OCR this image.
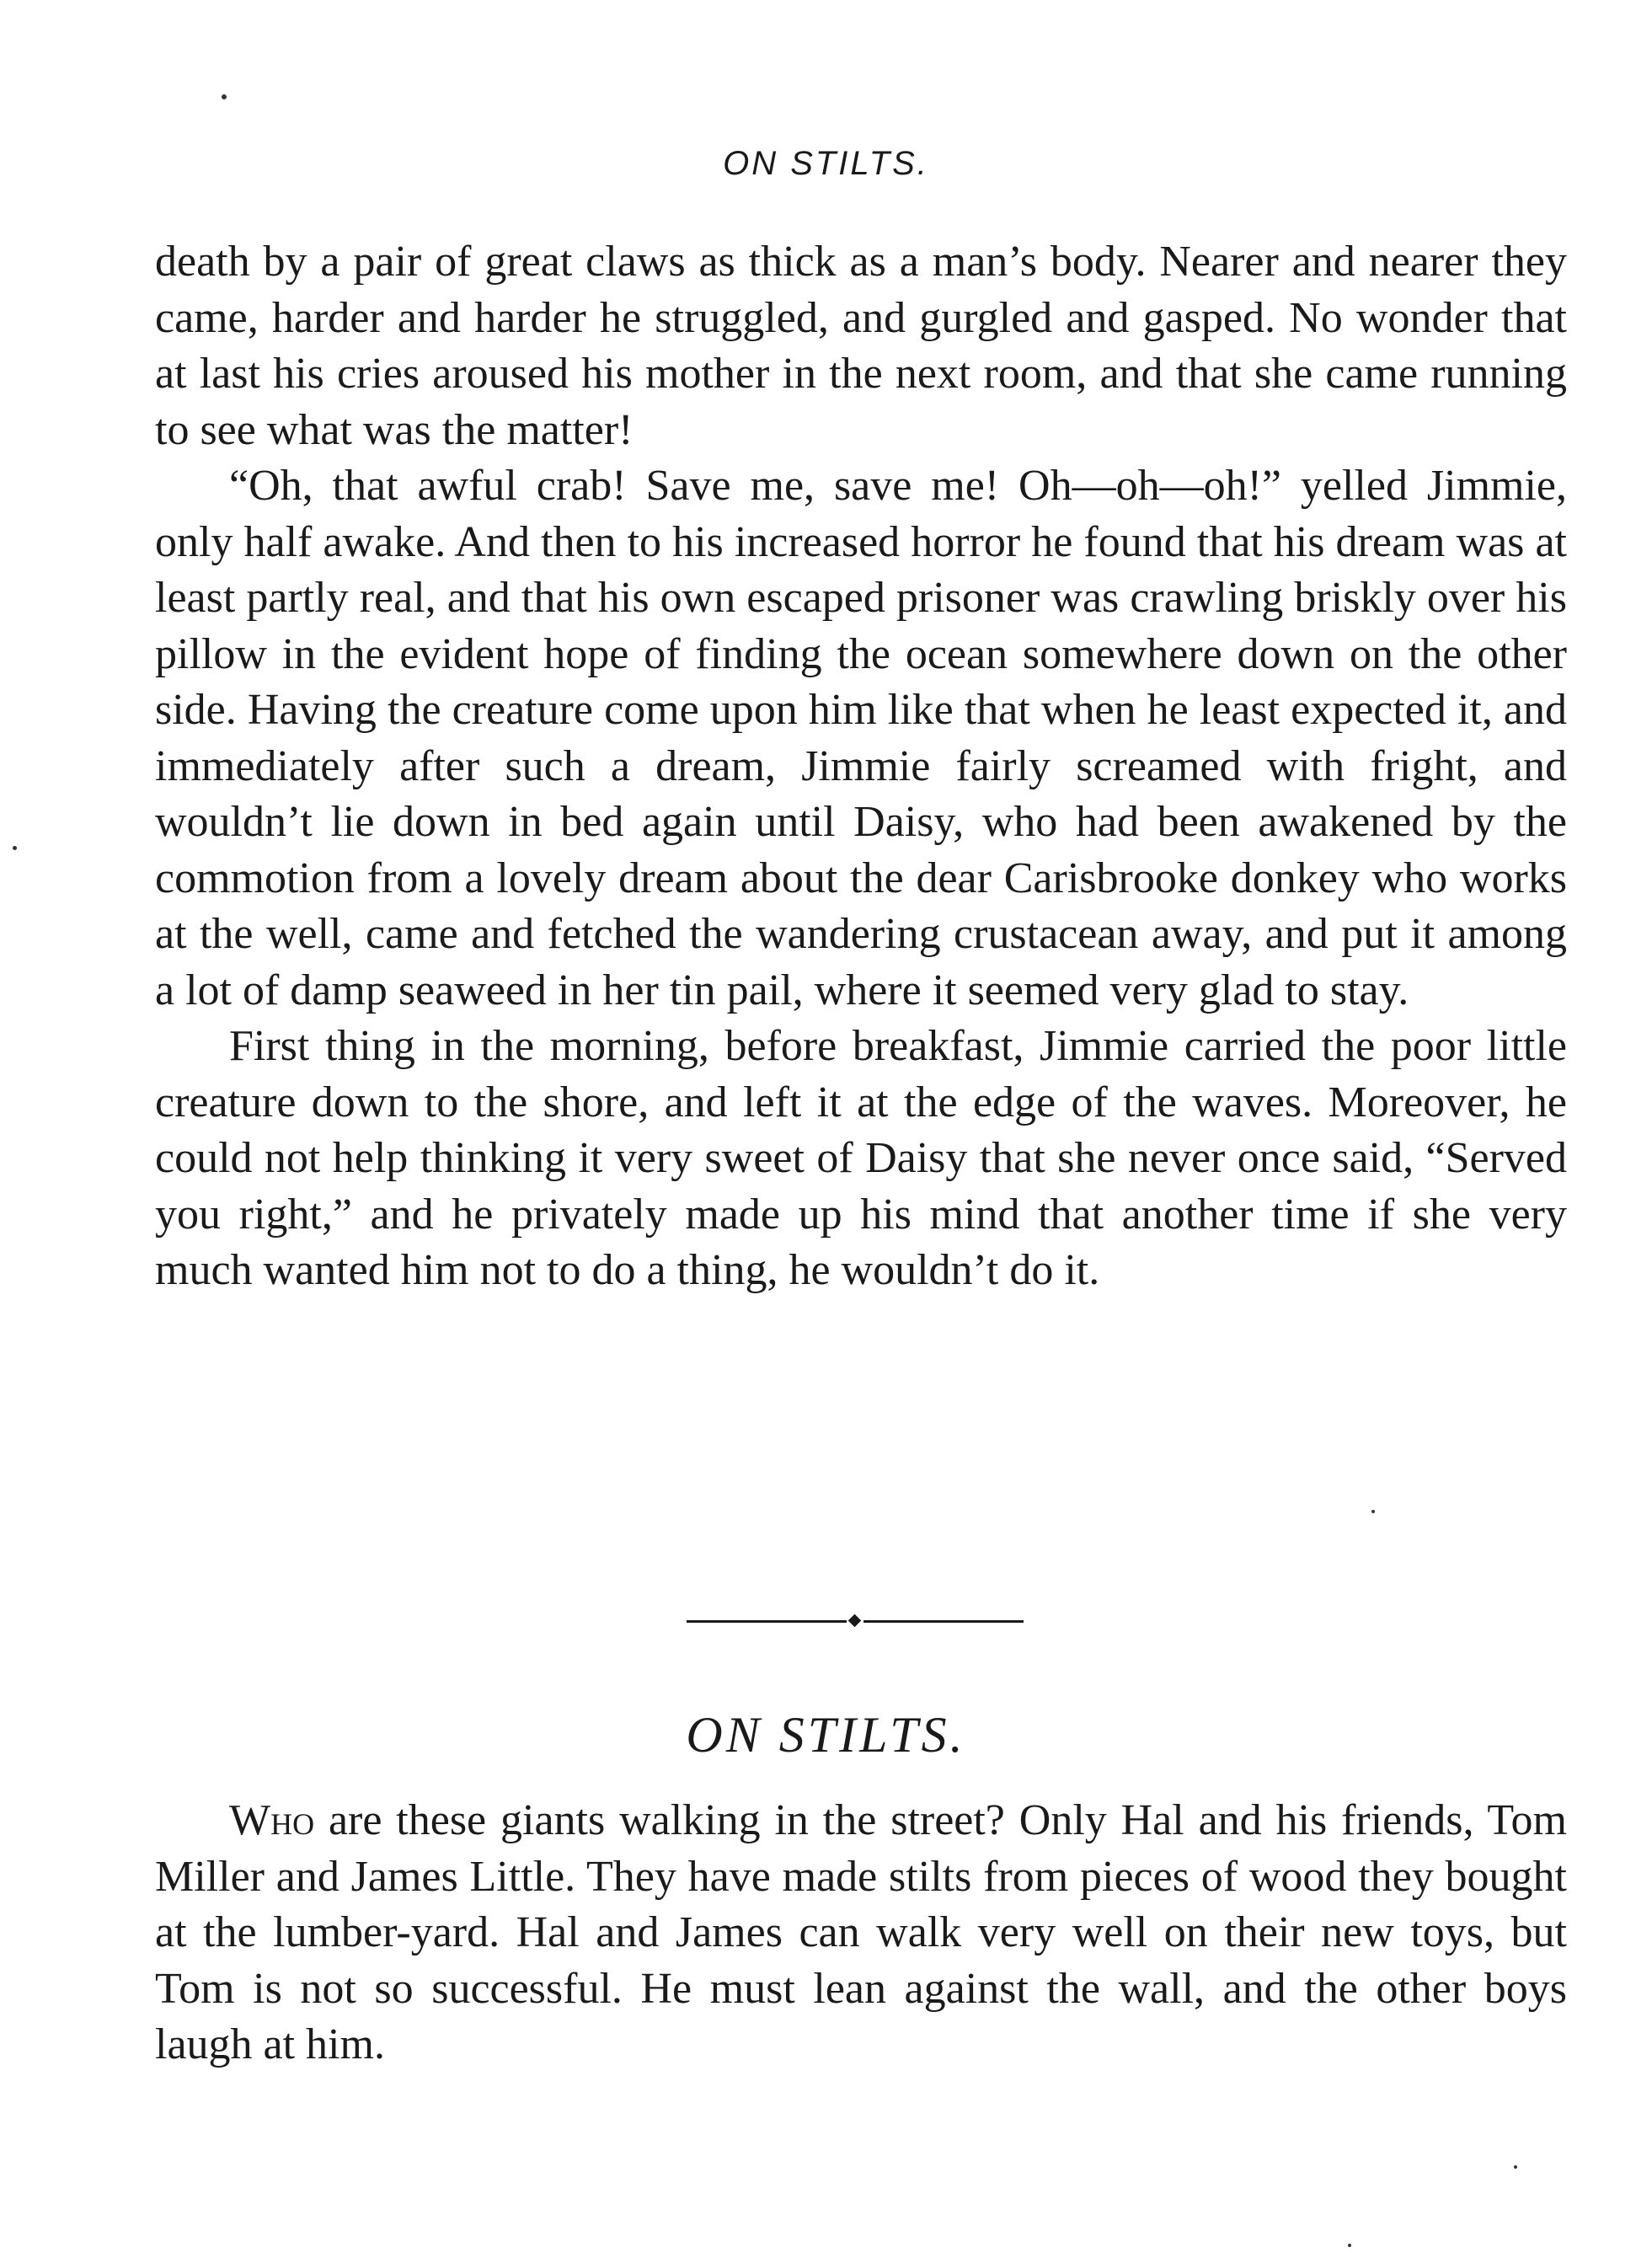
ON STILTS.

death by a pair of great claws as thick as a man’s body. Nearer and nearer they came, harder and harder he struggled, and gurgled and gasped. No wonder that at last his cries aroused his mother in the next room, and that she came running to see what was the matter!

“Oh, that awful crab! Save me, save me! Oh—oh—oh!” yelled Jimmie, only half awake. And then to his increased horror he found that his dream was at least partly real, and that his own escaped prisoner was crawling briskly over his pillow in the evident hope of finding the ocean somewhere down on the other side. Having the creature come upon him like that when he least expected it, and immediately after such a dream, Jimmie fairly screamed with fright, and wouldn’t lie down in bed again until Daisy, who had been awakened by the commotion from a lovely dream about the dear Carisbrooke donkey who works at the well, came and fetched the wandering crustacean away, and put it among a lot of damp seaweed in her tin pail, where it seemed very glad to stay.

First thing in the morning, before breakfast, Jimmie carried the poor little creature down to the shore, and left it at the edge of the waves. Moreover, he could not help thinking it very sweet of Daisy that she never once said, “Served you right,” and he privately made up his mind that another time if she very much wanted him not to do a thing, he wouldn’t do it.

ON STILTS.

Who are these giants walking in the street? Only Hal and his friends, Tom Miller and James Little. They have made stilts from pieces of wood they bought at the lumber-yard. Hal and James can walk very well on their new toys, but Tom is not so successful. He must lean against the wall, and the other boys laugh at him.
